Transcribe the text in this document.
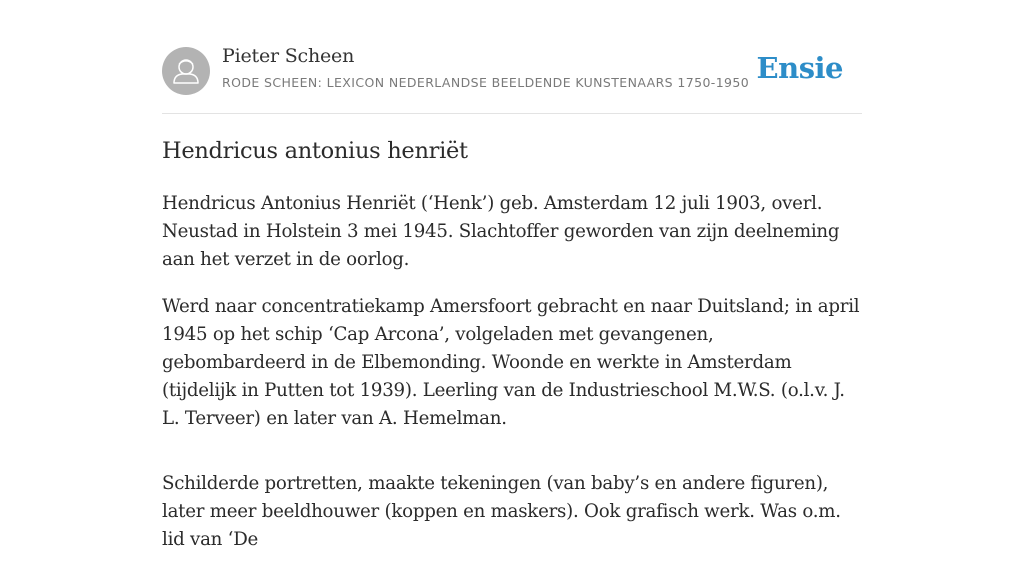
Pieter Scheen
RODE SCHEEN: LEXICON NEDERLANDSE BEELDENDE KUNSTENAARS 1750-1950 Ensie
Hendricus antonius henriët

Hendricus Antonius Henriët (‘Henk’) geb. Amsterdam 12 juli 1903, overl. Neustad in Holstein 3 mei 1945. Slachtoffer geworden van zijn deelneming aan het verzet in de oorlog.

Werd naar concentratiekamp Amersfoort gebracht en naar Duitsland; in april 1945 op het schip ‘Cap Arcona’, volgeladen met gevangenen, gebombardeerd in de Elbemonding. Woonde en werkte in Amsterdam (tijdelijk in Putten tot 1939). Leerling van de Industrieschool M.W.S. (o.l.v. J. L. Terveer) en later van A. Hemelman.

Schilderde portretten, maakte tekeningen (van baby’s en andere figuren), later meer beeldhouwer (koppen en maskers). Ook grafisch werk. Was o.m. lid van ‘De
